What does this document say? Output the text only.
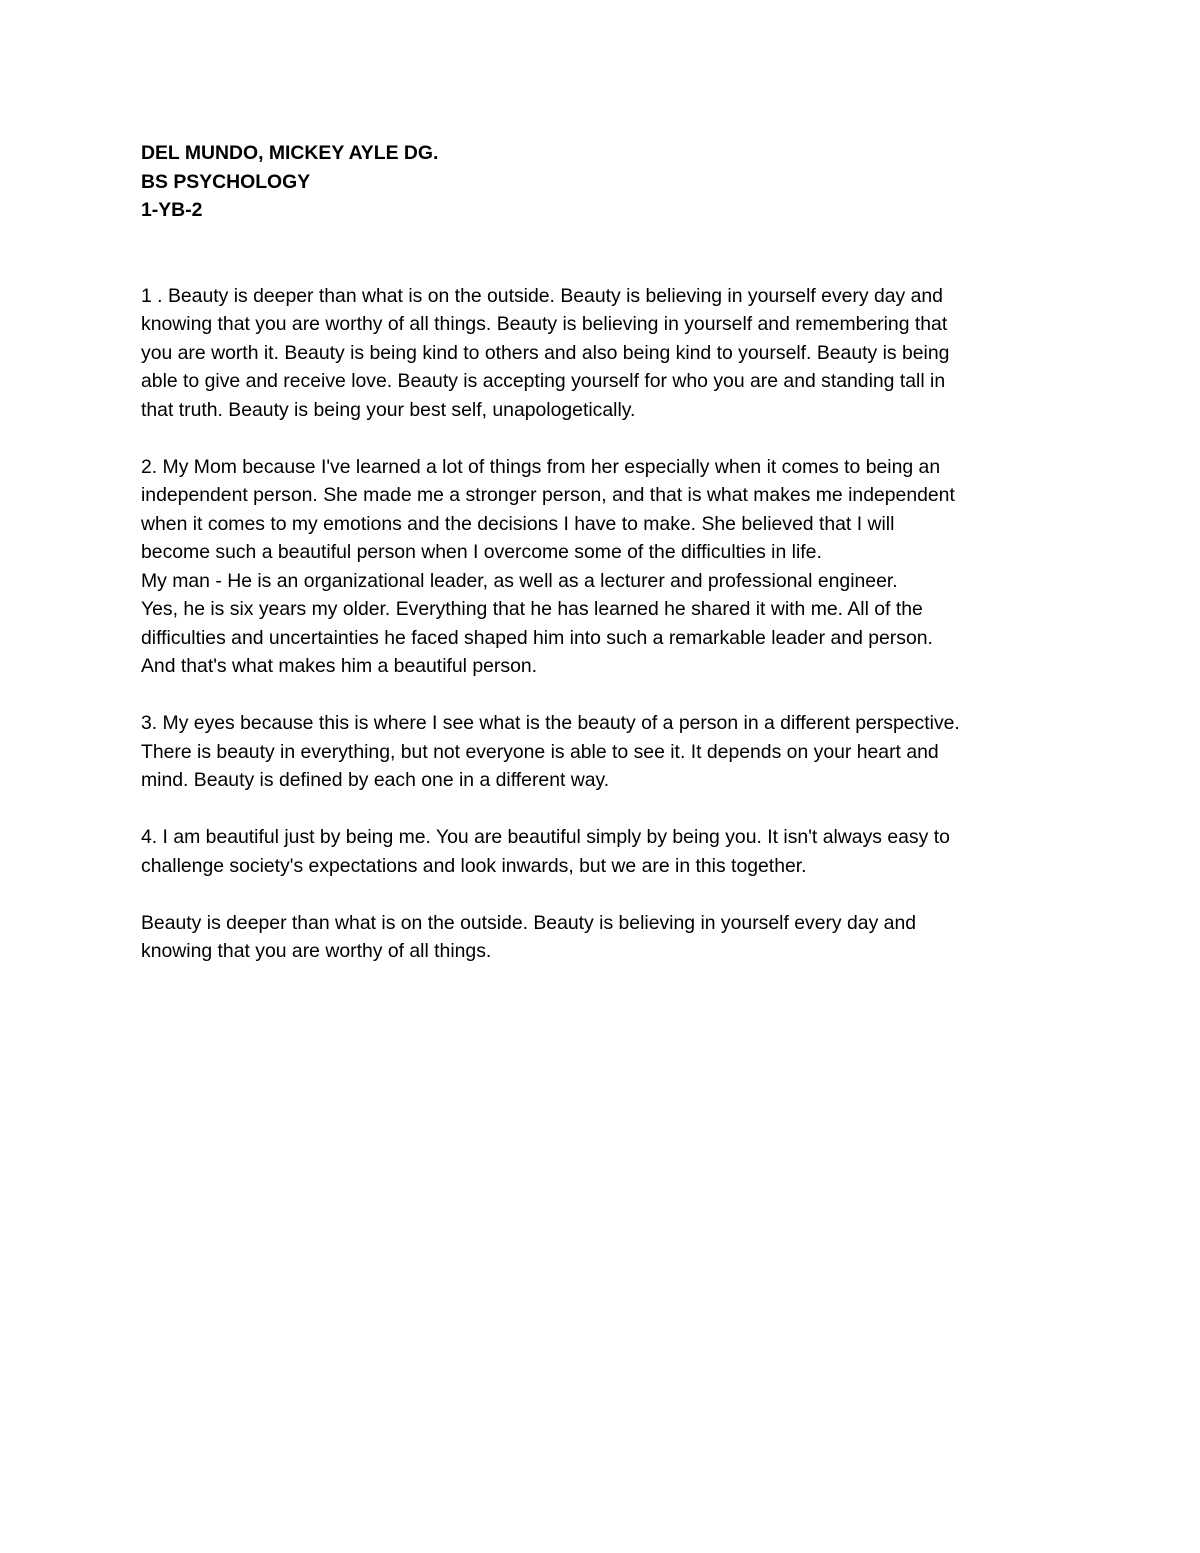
DEL MUNDO, MICKEY AYLE DG.

BS PSYCHOLOGY

1-YB-2

1 . Beauty is deeper than what is on the outside. Beauty is believing in yourself every day and

knowing that you are worthy of all things. Beauty is believing in yourself and remembering that

you are worth it. Beauty is being kind to others and also being kind to yourself. Beauty is being

able to give and receive love. Beauty is accepting yourself for who you are and standing tall in

that truth. Beauty is being your best self, unapologetically.

2. My Mom because I've learned a lot of things from her especially when it comes to being an

independent person. She made me a stronger person, and that is what makes me independent

when it comes to my emotions and the decisions I have to make. She believed that I will

become such a beautiful person when I overcome some of the difficulties in life.

My man - He is an organizational leader, as well as a lecturer and professional engineer.

Yes, he is six years my older. Everything that he has learned he shared it with me. All of the

difficulties and uncertainties he faced shaped him into such a remarkable leader and person.

And that's what makes him a beautiful person.

3. My eyes because this is where I see what is the beauty of a person in a different perspective.

There is beauty in everything, but not everyone is able to see it. It depends on your heart and

mind. Beauty is defined by each one in a different way.

4. I am beautiful just by being me. You are beautiful simply by being you. It isn't always easy to

challenge society's expectations and look inwards, but we are in this together.

Beauty is deeper than what is on the outside. Beauty is believing in yourself every day and

knowing that you are worthy of all things.
